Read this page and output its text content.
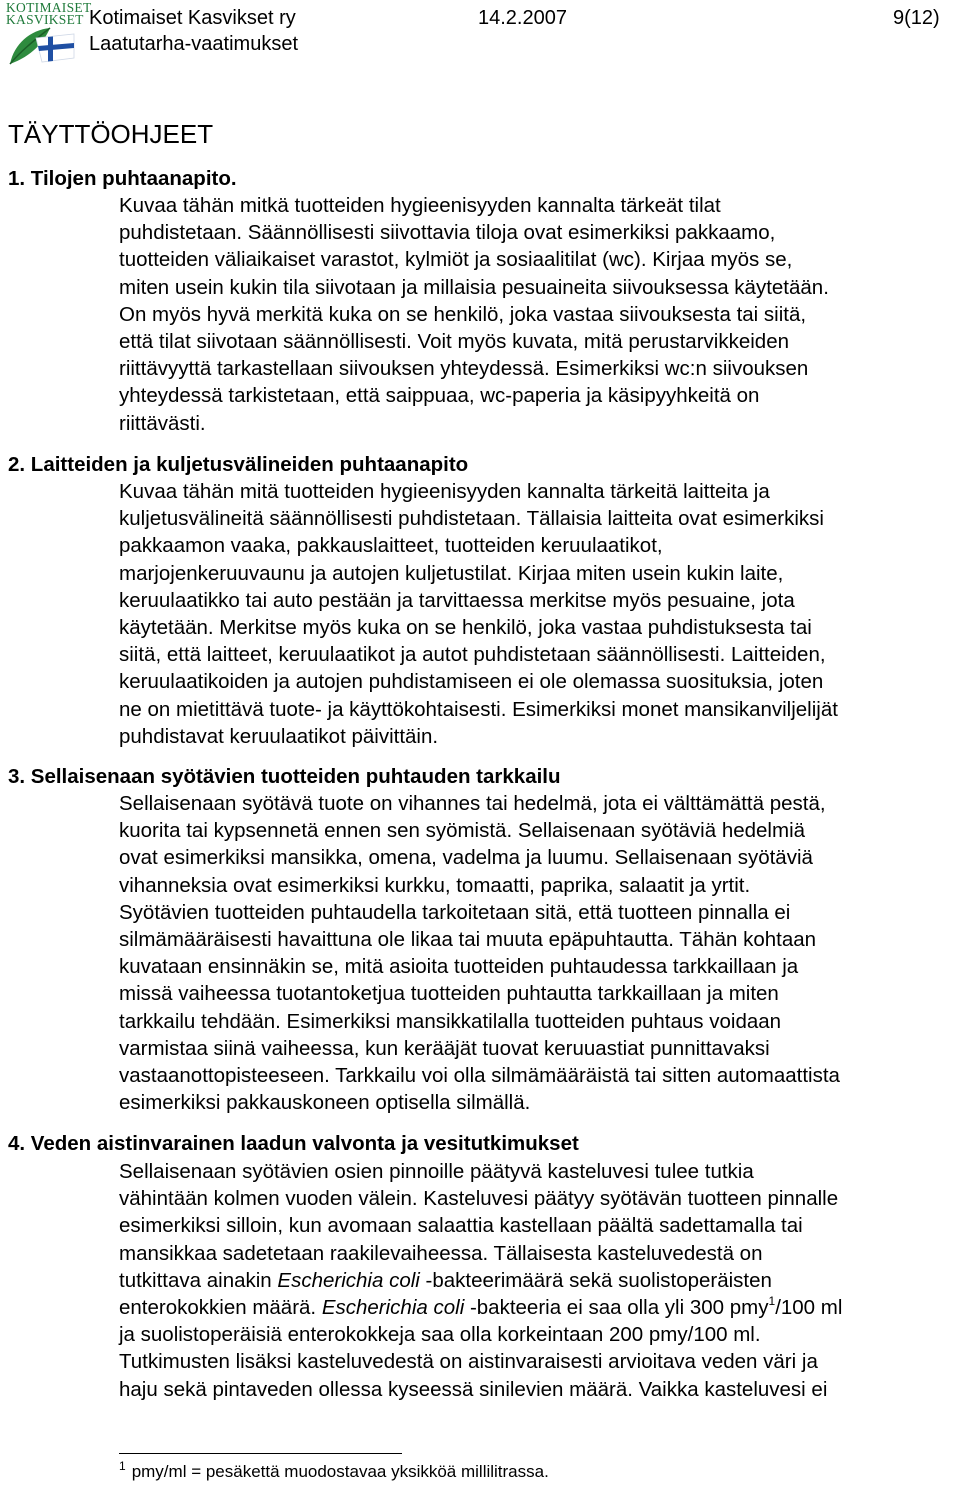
KOTIMAISET KASVIKSET Kotimaiset Kasvikset ry
Laatutarha-vaatimukset
14.2.2007	9(12)
TÄYTTÖOHJEET
1. Tilojen puhtaanapito.
Kuvaa tähän mitkä tuotteiden hygieenisyyden kannalta tärkeät tilat
puhdistetaan. Säännöllisesti siivottavia tiloja ovat esimerkiksi pakkaamo,
tuotteiden väliaikaiset varastot, kylmiöt ja sosiaalitilat (wc). Kirjaa myös se,
miten usein kukin tila siivotaan ja millaisia pesuaineita siivouksessa käytetään.
On myös hyvä merkitä kuka on se henkilö, joka vastaa siivouksesta tai siitä,
että tilat siivotaan säännöllisesti. Voit myös kuvata, mitä perustarvikkeiden
riittävyyttä tarkastellaan siivouksen yhteydessä. Esimerkiksi wc:n siivouksen
yhteydessä tarkistetaan, että saippuaa, wc-paperia ja käsipyyhkeitä on
riittävästi.
2. Laitteiden ja kuljetusvälineiden puhtaanapito
Kuvaa tähän mitä tuotteiden hygieenisyyden kannalta tärkeitä laitteita ja
kuljetusvälineitä säännöllisesti puhdistetaan. Tällaisia laitteita ovat esimerkiksi
pakkaamon vaaka, pakkauslaitteet, tuotteiden keruulaatikot,
marjojenkeruuvaunu ja autojen kuljetustilat. Kirjaa miten usein kukin laite,
keruulaatikko tai auto pestään ja tarvittaessa merkitse myös pesuaine, jota
käytetään. Merkitse myös kuka on se henkilö, joka vastaa puhdistuksesta tai
siitä, että laitteet, keruulaatikot ja autot puhdistetaan säännöllisesti. Laitteiden,
keruulaatikoiden ja autojen puhdistamiseen ei ole olemassa suosituksia, joten
ne on mietittävä tuote- ja käyttökohtaisesti. Esimerkiksi monet mansikanviljelijät
puhdistavat keruulaatikot päivittäin.
3. Sellaisenaan syötävien tuotteiden puhtauden tarkkailu
Sellaisenaan syötävä tuote on vihannes tai hedelmä, jota ei välttämättä pestä,
kuorita tai kypsennetä ennen sen syömistä. Sellaisenaan syötäviä hedelmiä
ovat esimerkiksi mansikka, omena, vadelma ja luumu. Sellaisenaan syötäviä
vihanneksia ovat esimerkiksi kurkku, tomaatti, paprika, salaatit ja yrtit.
Syötävien tuotteiden puhtaudella tarkoitetaan sitä, että tuotteen pinnalla ei
silmämääräisesti havaittuna ole likaa tai muuta epäpuhtautta. Tähän kohtaan
kuvataan ensinnäkin se, mitä asioita tuotteiden puhtaudessa tarkkaillaan ja
missä vaiheessa tuotantoketjua tuotteiden puhtautta tarkkaillaan ja miten
tarkkailu tehdään. Esimerkiksi mansikkatilalla tuotteiden puhtaus voidaan
varmistaa siinä vaiheessa, kun kerääjät tuovat keruuastiat punnittavaksi
vastaanottopisteeseen. Tarkkailu voi olla silmämääräistä tai sitten automaattista
esimerkiksi pakkauskoneen optisella silmällä.
4. Veden aistinvarainen laadun valvonta ja vesitutkimukset
Sellaisenaan syötävien osien pinnoille päätyvä kasteluvesi tulee tutkia
vähintään kolmen vuoden välein. Kasteluvesi päätyy syötävän tuotteen pinnalle
esimerkiksi silloin, kun avomaan salaattia kastellaan päältä sadettamalla tai
mansikkaa sadetetaan raakilevaiheessa. Tällaisesta kasteluvedestä on
tutkittava ainakin Escherichia coli -bakteerimäärä sekä suolistoperäisten
enterokokkien määrä. Escherichia coli -bakteeria ei saa olla yli 300 pmy$^1$/100 ml
ja suolistoperäisiä enterokokkeja saa olla korkeintaan 200 pmy/100 ml.
Tutkimusten lisäksi kasteluvedestä on aistinvaraisesti arvioitava veden väri ja
haju sekä pintaveden ollessa kyseessä sinilevien määrä. Vaikka kasteluvesi ei
$^1$ pmy/ml = pesäkettä muodostavaa yksikköä millilitrassa.
